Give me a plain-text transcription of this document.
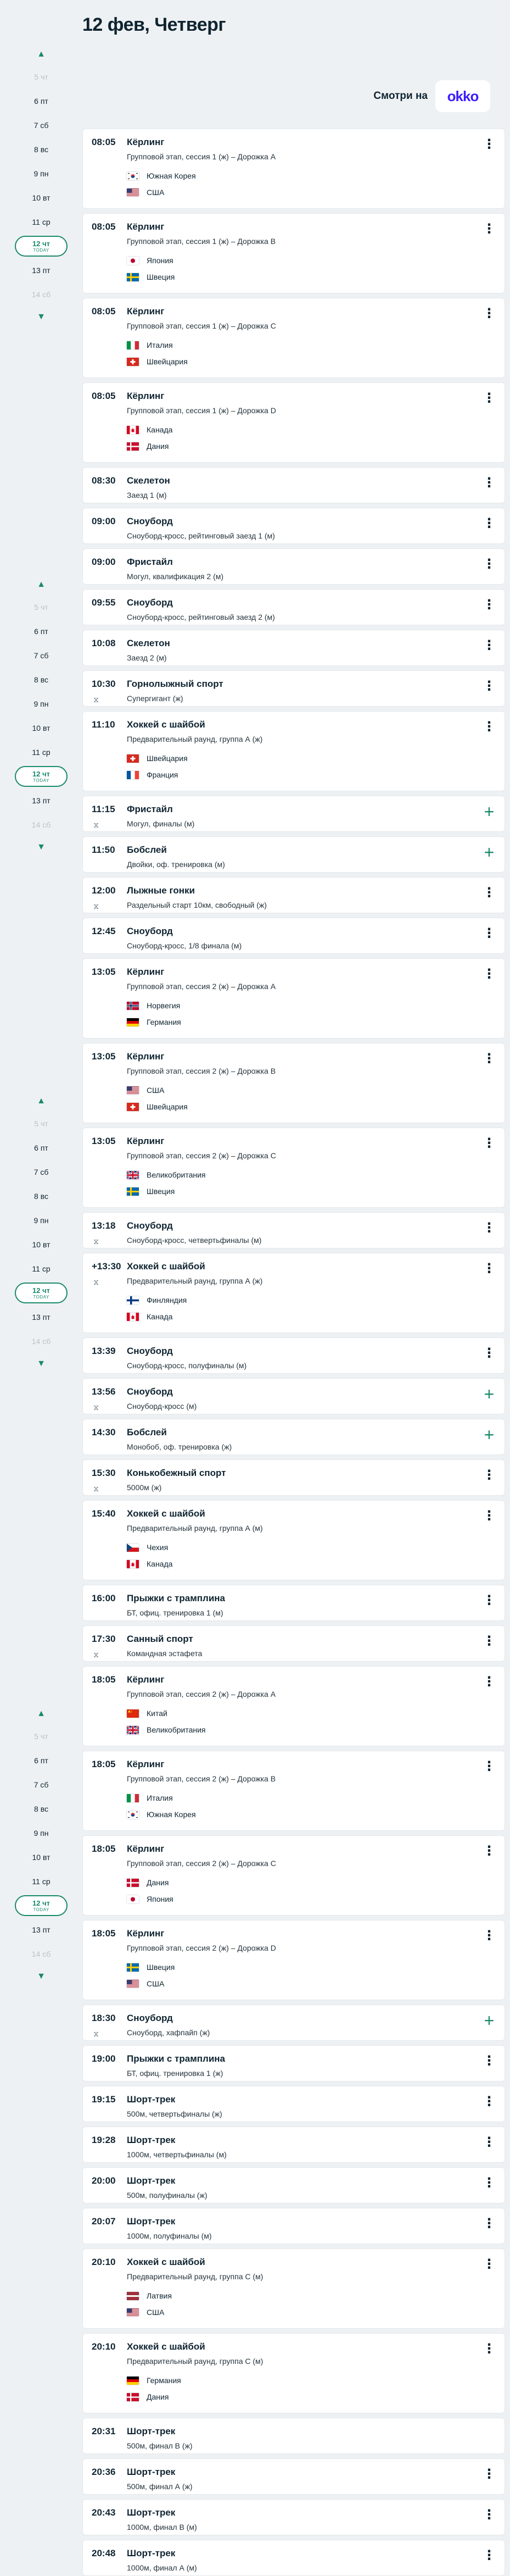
12 фев, Четверг
Смотри на	okko
08:05 Кёрлинг
Групповой этап, сессия 1 (ж) – Дорожка А
Южная Корея
США
⋮
08:05 Кёрлинг
Групповой этап, сессия 1 (ж) – Дорожка B
Япония
Швеция
⋮
08:05 Кёрлинг
Групповой этап, сессия 1 (ж) – Дорожка C
Италия
Швейцария
⋮
08:05 Кёрлинг
Групповой этап, сессия 1 (ж) – Дорожка D
Канада
Дания
⋮
08:30 Скелетон
Заезд 1 (м)
⋮
09:00 Сноуборд
Сноуборд-кросс, рейтинговый заезд 1 (м)
⋮
09:00 Фристайл
Могул, квалификация 2 (м)
⋮
09:55 Сноуборд
Сноуборд-кросс, рейтинговый заезд 2 (м)
⋮
10:08 Скелетон
Заезд 2 (м)
⋮
10:30
⧖
Горнолыжный спорт
Супергигант (ж)
⋮
11:10 Хоккей с шайбой
Предварительный раунд, группа А (ж)
Швейцария
Франция
⋮
11:15
⧖
Фристайл
Могул, финалы (м)
+
11:50 Бобслей
Двойки, оф. тренировка (м)
+
12:00
⧖
Лыжные гонки
Раздельный старт 10км, свободный (ж)
⋮
12:45 Сноуборд
Сноуборд-кросс, 1/8 финала (м)
⋮
13:05 Кёрлинг
Групповой этап, сессия 2 (ж) – Дорожка А
Норвегия
Германия
⋮
13:05 Кёрлинг
Групповой этап, сессия 2 (ж) – Дорожка B
США
Швейцария
⋮
13:05 Кёрлинг
Групповой этап, сессия 2 (ж) – Дорожка C
Великобритания
Швеция
⋮
13:18
⧖
Сноуборд
Сноуборд-кросс, четвертьфиналы (м)
⋮
+13:30
⧖
Хоккей с шайбой
Предварительный раунд, группа А (ж)
Финляндия
Канада
⋮
13:39 Сноуборд
Сноуборд-кросс, полуфиналы (м)
⋮
13:56
⧖
Сноуборд
Сноуборд-кросс (м)
+
14:30 Бобслей
Монобоб, оф. тренировка (ж)
+
15:30
⧖
Конькобежный спорт
5000м (ж)
⋮
15:40 Хоккей с шайбой
Предварительный раунд, группа А (м)
Чехия
Канада
⋮
16:00 Прыжки с трамплина
БТ, офиц. тренировка 1 (м)
⋮
17:30
⧖
Санный спорт
Командная эстафета
⋮
18:05 Кёрлинг
Групповой этап, сессия 2 (ж) – Дорожка А
Китай
Великобритания
⋮
18:05 Кёрлинг
Групповой этап, сессия 2 (ж) – Дорожка B
Италия
Южная Корея
⋮
18:05 Кёрлинг
Групповой этап, сессия 2 (ж) – Дорожка C
Дания
Япония
⋮
18:05 Кёрлинг
Групповой этап, сессия 2 (ж) – Дорожка D
Швеция
США
⋮
18:30
⧖
Сноуборд
Сноуборд, хафпайп (ж)
+
19:00 Прыжки с трамплина
БТ, офиц. тренировка 1 (ж)
⋮
19:15 Шорт-трек
500м, четвертьфиналы (ж)
⋮
19:28 Шорт-трек
1000м, четвертьфиналы (м)
⋮
20:00 Шорт-трек
500м, полуфиналы (ж)
⋮
20:07 Шорт-трек
1000м, полуфиналы (м)
⋮
20:10 Хоккей с шайбой
Предварительный раунд, группа С (м)
Латвия
США
⋮
20:10 Хоккей с шайбой
Предварительный раунд, группа С (м)
Германия
Дания
⋮
20:31 Шорт-трек
500м, финал B (ж)
20:36 Шорт-трек
500м, финал А (ж)
⋮
20:43 Шорт-трек
1000м, финал B (м)
⋮
20:48 Шорт-трек
1000м, финал А (м)
⋮
▲
5 чт
6 пт
7 сб
8 вс
9 пн
10 вт
11 ср
12 чт
TODAY
13 пт
14 сб
▼
▲
5 чт
6 пт
7 сб
8 вс
9 пн
10 вт
11 ср
12 чт
TODAY
13 пт
14 сб
▼
▲
5 чт
6 пт
7 сб
8 вс
9 пн
10 вт
11 ср
12 чт
TODAY
13 пт
14 сб
▼
▲
5 чт
6 пт
7 сб
8 вс
9 пн
10 вт
11 ср
12 чт
TODAY
13 пт
14 сб
▼
